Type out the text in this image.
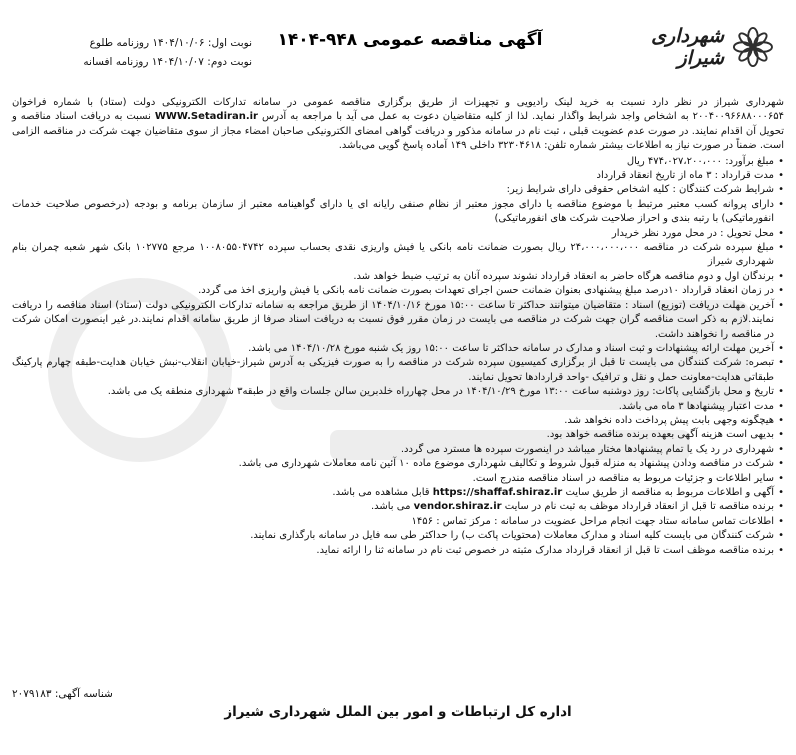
شهرداری شیراز
آگهی مناقصه عمومی ۹۴۸-۱۴۰۴
نوبت اول: ۱۴۰۴/۱۰/۰۶ روزنامه طلوع
نوبت دوم: ۱۴۰۴/۱۰/۰۷ روزنامه افسانه

شهرداری شیراز در نظر دارد نسبت به خرید لینک رادیویی و تجهیزات از طریق برگزاری مناقصه عمومی در سامانه تدارکات الکترونیکی دولت (ستاد) با شماره فراخوان ۲۰۰۴۰۰۹۶۶۸۸۰۰۰۶۵۴ به اشخاص واجد شرایط واگذار نماید. لذا از کلیه متقاضیان دعوت به عمل می آید با مراجعه به آدرس WWW.Setadiran.ir نسبت به دریافت اسناد مناقصه و تحویل آن اقدام نمایند. در صورت عدم عضویت قبلی ، ثبت نام در سامانه مذکور و دریافت گواهی امضای الکترونیکی صاحبان امضاء مجاز از سوی متقاضیان جهت شرکت در مناقصه الزامی است. ضمناً در صورت نیاز به اطلاعات بیشتر شماره تلفن: ۳۲۳۰۴۶۱۸ داخلی ۱۴۹ آماده پاسخ گویی می‌باشد.

• مبلغ برآورد: ۴۷۴،۰۲۷،۲۰۰،۰۰۰ ریال
• مدت قرارداد : ۳ ماه از تاریخ انعقاد قرارداد
• شرایط شرکت کنندگان : کلیه اشخاص حقوقی دارای شرایط زیر:
• دارای پروانه کسب معتبر مرتبط با موضوع مناقصه یا دارای مجوز معتبر از نظام صنفی رایانه ای یا دارای گواهینامه معتبر از سازمان برنامه و بودجه (درخصوص صلاحیت خدمات انفورماتیکی) با رتبه بندی و احراز صلاحیت شرکت های انفورماتیکی)
• محل تحویل : در محل مورد نظر خریدار
• مبلغ سپرده شرکت در مناقصه ۲۴،۰۰۰،۰۰۰،۰۰۰ ریال بصورت ضمانت نامه بانکی یا فیش واریزی نقدی بحساب سپرده ۱۰۰۸۰۵۵۰۴۷۴۲ مرجع ۱۰۲۷۷۵ بانک شهر شعبه چمران بنام شهرداری شیراز
• برندگان اول و دوم مناقصه هرگاه حاضر به انعقاد قرارداد نشوند سپرده آنان به ترتیب ضبط خواهد شد.
• در زمان انعقاد قرارداد ۱۰درصد مبلغ پیشنهادی بعنوان ضمانت حسن اجرای تعهدات بصورت ضمانت نامه بانکی یا فیش واریزی اخذ می گردد.
• آخرین مهلت دریافت (توزیع) اسناد : متقاضیان میتوانند حداکثر تا ساعت ۱۵:۰۰ مورخ ۱۴۰۴/۱۰/۱۶ از طریق مراجعه به سامانه تدارکات الکترونیکی دولت (ستاد) اسناد مناقصه را دریافت نمایند.لازم به ذکر است مناقصه گران جهت شرکت در مناقصه می بایست در زمان مقرر فوق نسبت به دریافت اسناد صرفا از طریق سامانه اقدام نمایند.در غیر اینصورت امکان شرکت در مناقصه را نخواهند داشت.
• آخرین مهلت ارائه پیشنهادات و ثبت اسناد و مدارک در سامانه حداکثر تا ساعت ۱۵:۰۰ روز یک شنبه مورخ ۱۴۰۴/۱۰/۲۸ می باشد.
• تبصره: شرکت کنندگان می بایست تا قبل از برگزاری کمیسیون سپرده شرکت در مناقصه را به صورت فیزیکی به آدرس شیراز-خیابان انقلاب-نبش خیابان هدایت-طبقه چهارم پارکینگ طبقاتی هدایت-معاونت حمل و نقل و ترافیک -واحد قراردادها تحویل نمایند.
• تاریخ و محل بازگشایی پاکات: روز دوشنبه ساعت ۱۳:۰۰ مورخ ۱۴۰۴/۱۰/۲۹ در محل چهارراه خلدبرین سالن جلسات واقع در طبقه۳ شهرداری منطقه یک می باشد.
• مدت اعتبار پیشنهادها ۳ ماه می باشد.
• هیچگونه وجهی بابت پیش پرداخت داده نخواهد شد.
• بدیهی است هزینه آگهی بعهده برنده مناقصه خواهد بود.
• شهرداری در رد یک یا تمام پیشنهادها مختار میباشد در اینصورت سپرده ها مسترد می گردد.
• شرکت در مناقصه ودادن پیشنهاد به منزله قبول شروط و تکالیف شهرداری موضوع ماده ۱۰ آئین نامه معاملات شهرداری می باشد.
• سایر اطلاعات و جزئیات مربوط به مناقصه در اسناد مناقصه مندرج است.
• آگهی و اطلاعات مربوط به مناقصه از طریق سایت https://shaffaf.shiraz.ir قابل مشاهده می باشد.
• برنده مناقصه تا قبل از انعقاد قرارداد موظف به ثبت نام در سایت vendor.shiraz.ir می باشد.
• اطلاعات تماس سامانه ستاد جهت انجام مراحل عضویت در سامانه : مرکز تماس : ۱۴۵۶
• شرکت کنندگان می بایست کلیه اسناد و مدارک معاملات (محتویات پاکت ب) را حداکثر طی سه فایل در سامانه بارگذاری نمایند.
• برنده مناقصه موظف است تا قبل از انعقاد قرارداد مدارک مثبته در خصوص ثبت نام در سامانه ثنا را ارائه نماید.
شناسه آگهی: ۲۰۷۹۱۸۳
اداره کل ارتباطات و امور بین الملل شهرداری شیراز
